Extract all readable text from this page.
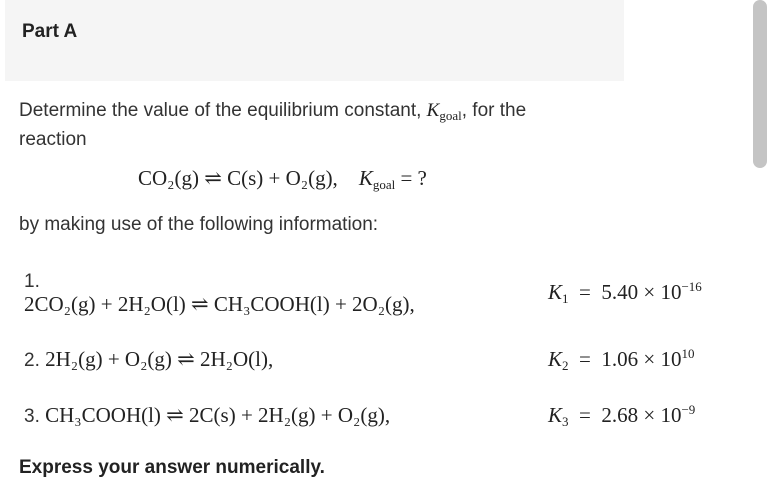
Part A
Determine the value of the equilibrium constant, $K_{goal}$, for the reaction
CO₂(g) ⇌ C(s) + O₂(g), $K_{goal}$ = ?
by making use of the following information:
1.
2CO₂(g) + 2H₂O(l) ⇌ CH₃COOH(l) + 2O₂(g),	$K_1 = 5.40 \times 10^{-16}$
2. 2H₂(g) + O₂(g) ⇌ 2H₂O(l),	$K_2 = 1.06 \times 10^{10}$
3. CH₃COOH(l) ⇌ 2C(s) + 2H₂(g) + O₂(g),	$K_3 = 2.68 \times 10^{-9}$
Express your answer numerically.
